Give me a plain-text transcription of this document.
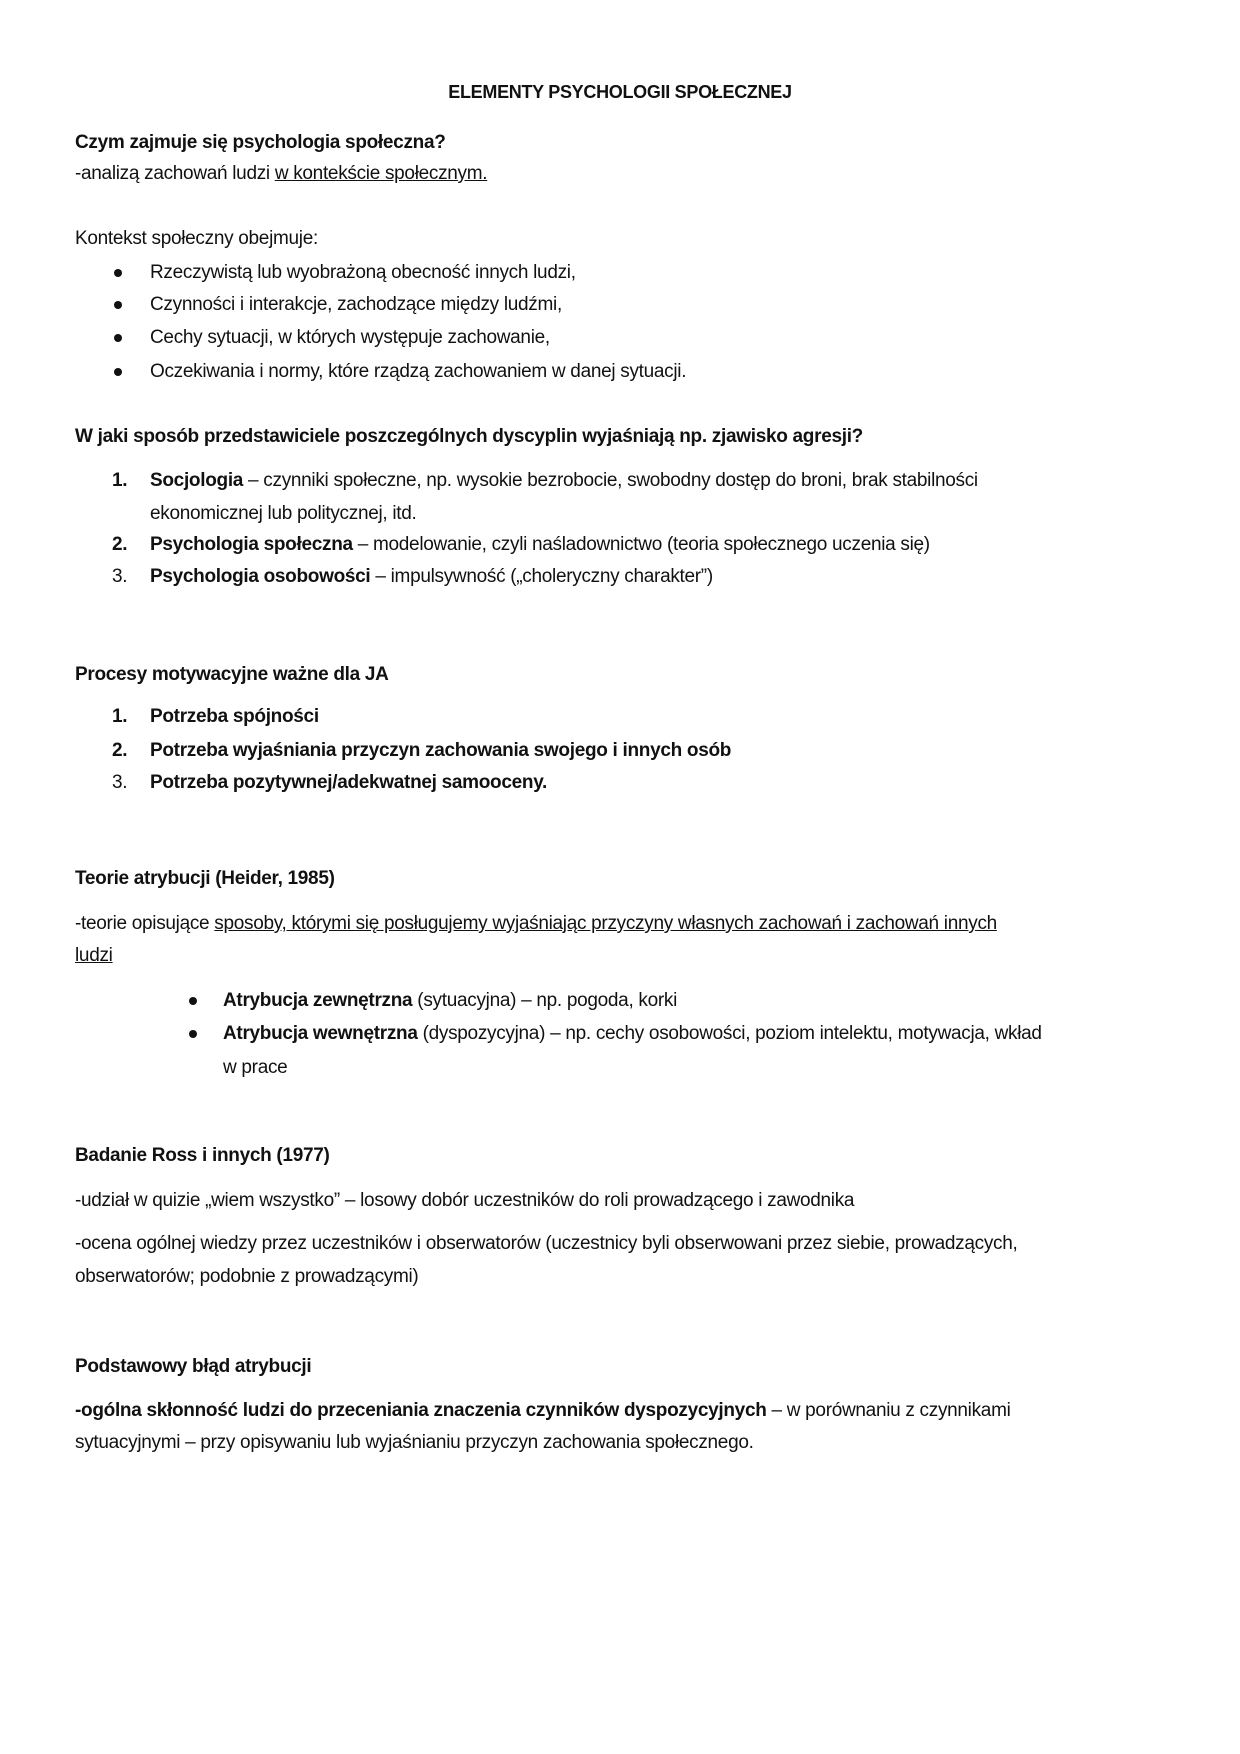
ELEMENTY PSYCHOLOGII SPOŁECZNEJ
Czym zajmuje się psychologia społeczna?
-analizą zachowań ludzi w kontekście społecznym.
Kontekst społeczny obejmuje:
Rzeczywistą lub wyobrażoną obecność innych ludzi,
Czynności i interakcje, zachodzące między ludźmi,
Cechy sytuacji, w których występuje zachowanie,
Oczekiwania i normy, które rządzą zachowaniem w danej sytuacji.
W jaki sposób przedstawiciele poszczególnych dyscyplin wyjaśniają np. zjawisko agresji?
1. Socjologia – czynniki społeczne, np. wysokie bezrobocie, swobodny dostęp do broni, brak stabilności
ekonomicznej lub politycznej, itd.
2. Psychologia społeczna – modelowanie, czyli naśladownictwo (teoria społecznego uczenia się)
3. Psychologia osobowości – impulsywność („choleryczny charakter”)
Procesy motywacyjne ważne dla JA
1. Potrzeba spójności
2. Potrzeba wyjaśniania przyczyn zachowania swojego i innych osób
3. Potrzeba pozytywnej/adekwatnej samooceny.
Teorie atrybucji (Heider, 1985)
-teorie opisujące sposoby, którymi się posługujemy wyjaśniając przyczyny własnych zachowań i zachowań innych
ludzi
Atrybucja zewnętrzna (sytuacyjna) – np. pogoda, korki
Atrybucja wewnętrzna (dyspozycyjna) – np. cechy osobowości, poziom intelektu, motywacja, wkład
w prace
Badanie Ross i innych (1977)
-udział w quizie „wiem wszystko” – losowy dobór uczestników do roli prowadzącego i zawodnika
-ocena ogólnej wiedzy przez uczestników i obserwatorów (uczestnicy byli obserwowani przez siebie, prowadzących,
obserwatorów; podobnie z prowadzącymi)
Podstawowy błąd atrybucji
-ogólna skłonność ludzi do przeceniania znaczenia czynników dyspozycyjnych – w porównaniu z czynnikami
sytuacyjnymi – przy opisywaniu lub wyjaśnianiu przyczyn zachowania społecznego.
